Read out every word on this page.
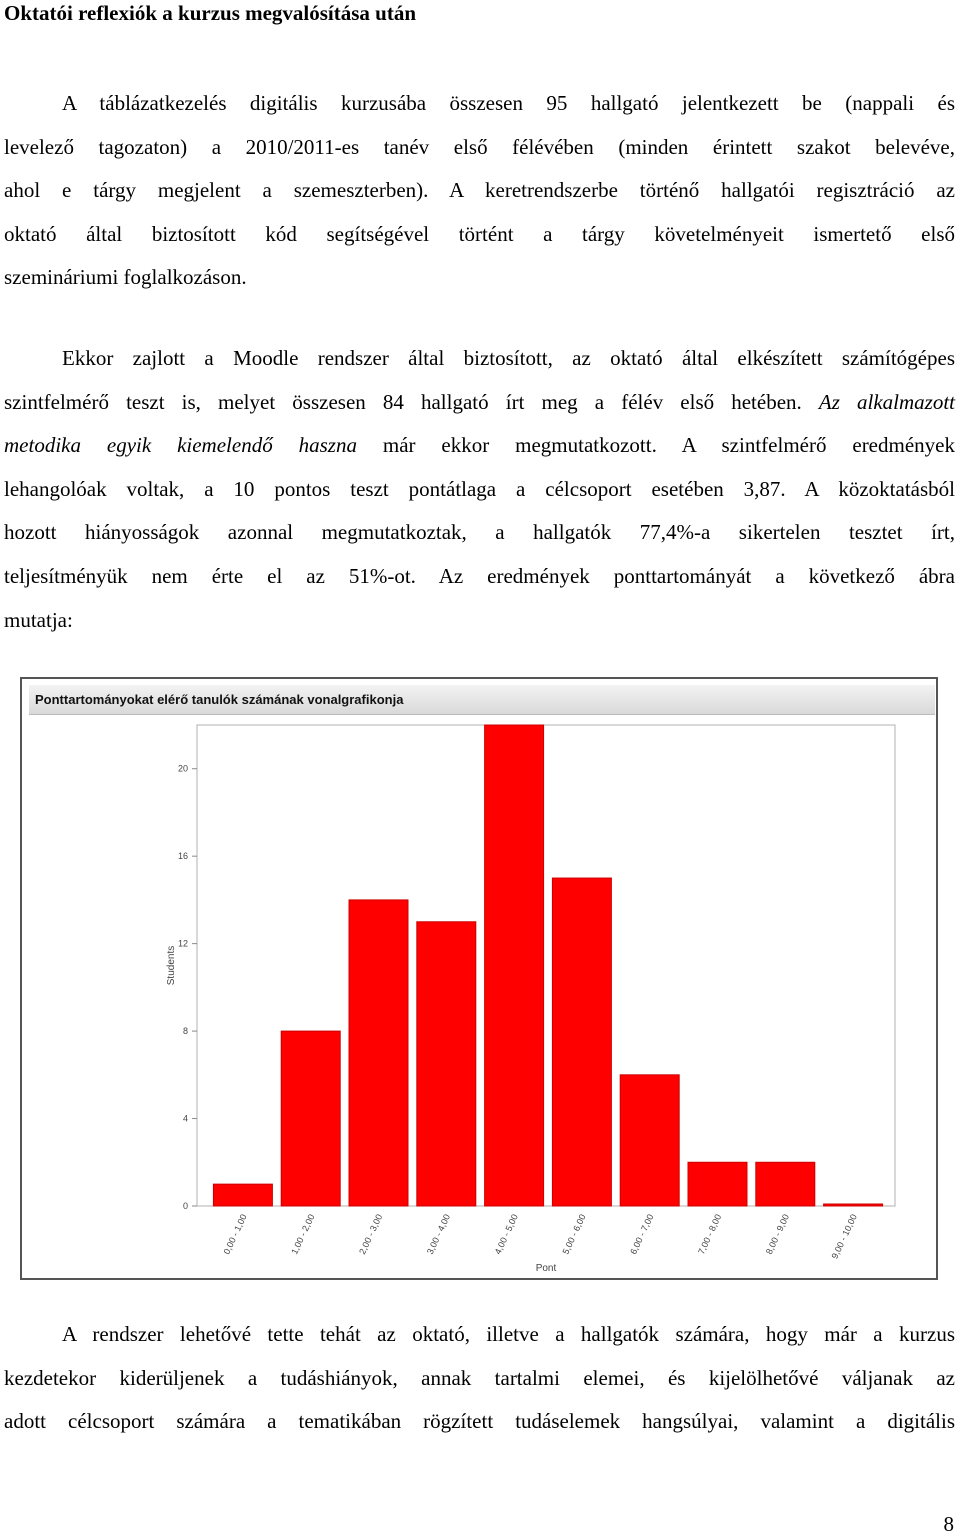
Oktatói reflexiók a kurzus megvalósítása után
A táblázatkezelés digitális kurzusába összesen 95 hallgató jelentkezett be (nappali és
levelező tagozaton) a 2010/2011-es tanév első félévében (minden érintett szakot belevéve,
ahol e tárgy megjelent a szemeszterben). A keretrendszerbe történő hallgatói regisztráció az
oktató által biztosított kód segítségével történt a tárgy követelményeit ismertető első
szemináriumi foglalkozáson.
Ekkor zajlott a Moodle rendszer által biztosított, az oktató által elkészített számítógépes
szintfelmérő teszt is, melyet összesen 84 hallgató írt meg a félév első hetében. Az alkalmazott
metodika egyik kiemelendő haszna már ekkor megmutatkozott. A szintfelmérő eredmények
lehangolóak voltak, a 10 pontos teszt pontátlaga a célcsoport esetében 3,87. A közoktatásból
hozott hiányosságok azonnal megmutatkoztak, a hallgatók 77,4%-a sikertelen tesztet írt,
teljesítményük nem érte el az 51%-ot. Az eredmények ponttartományát a következő ábra
mutatja:
Ponttartományokat elérő tanulók számának vonalgrafikonja
0
4
8
12
16
20
Students
0,00 - 1,00	1,00 - 2,00	2,00 - 3,00	3,00 - 4,00	4,00 - 5,00	5,00 - 6,00	6,00 - 7,00	7,00 - 8,00	8,00 - 9,00	9,00 - 10,00
Pont
A rendszer lehetővé tette tehát az oktató, illetve a hallgatók számára, hogy már a kurzus
kezdetekor kiderüljenek a tudáshiányok, annak tartalmi elemei, és kijelölhetővé váljanak az
adott célcsoport számára a tematikában rögzített tudáselemek hangsúlyai, valamint a digitális
8
